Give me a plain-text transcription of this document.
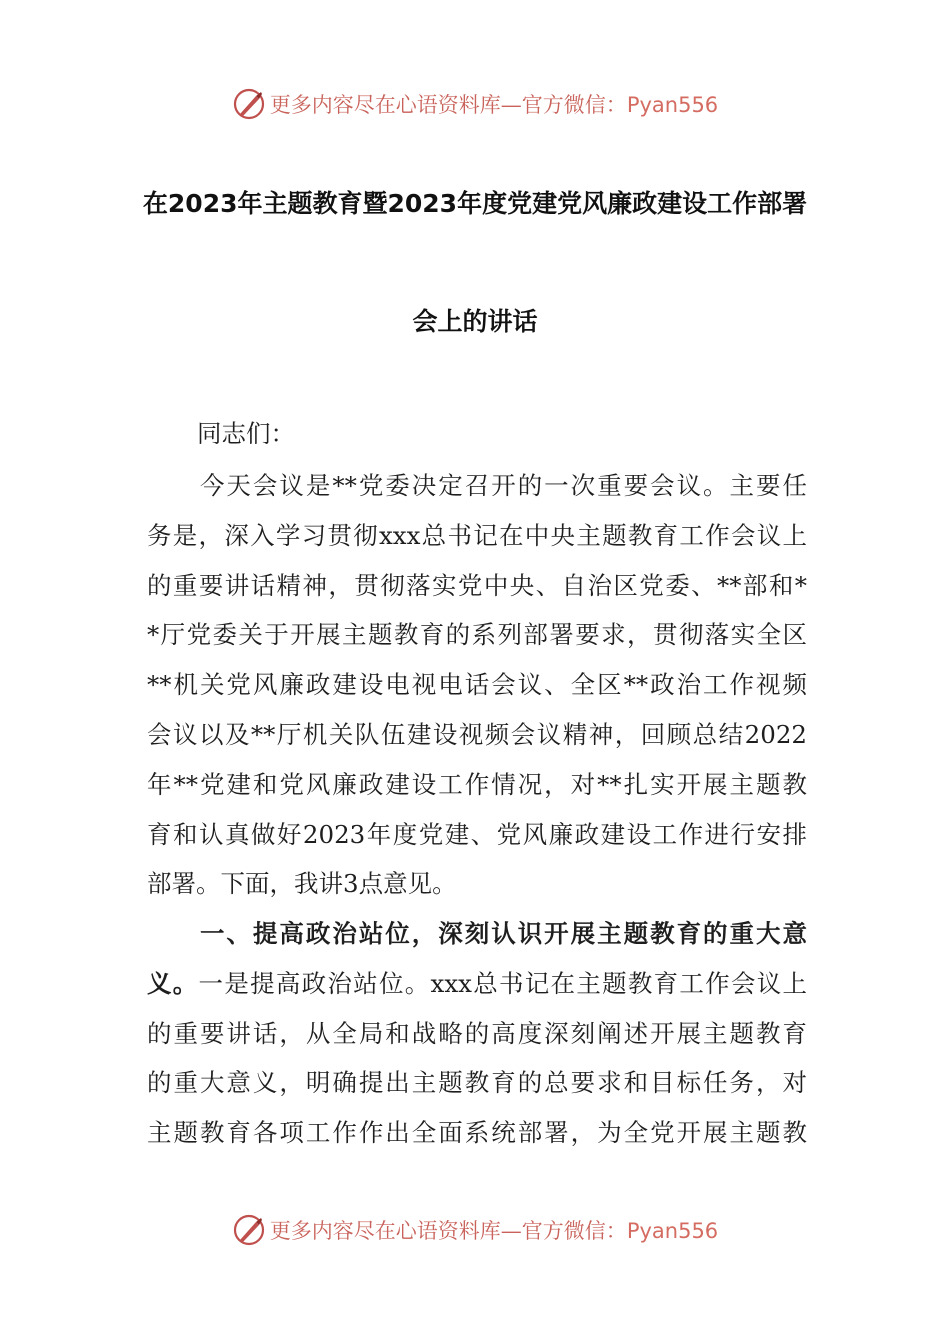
更多内容尽在心语资料库—官方微信：Pyan556
在2023年主题教育暨2023年度党建党风廉政建设工作部署
会上的讲话
同志们：
　　今天会议是**党委决定召开的一次重要会议。主要任
务是，深入学习贯彻xxx总书记在中央主题教育工作会议上
的重要讲话精神，贯彻落实党中央、自治区党委、**部和*
*厅党委关于开展主题教育的系列部署要求，贯彻落实全区
**机关党风廉政建设电视电话会议、全区**政治工作视频
会议以及**厅机关队伍建设视频会议精神，回顾总结2022
年**党建和党风廉政建设工作情况，对**扎实开展主题教
育和认真做好2023年度党建、党风廉政建设工作进行安排
部署。下面，我讲3点意见。
　　一、提高政治站位，深刻认识开展主题教育的重大意
义。一是提高政治站位。xxx总书记在主题教育工作会议上
的重要讲话，从全局和战略的高度深刻阐述开展主题教育
的重大意义，明确提出主题教育的总要求和目标任务，对
主题教育各项工作作出全面系统部署，为全党开展主题教
更多内容尽在心语资料库—官方微信：Pyan556
